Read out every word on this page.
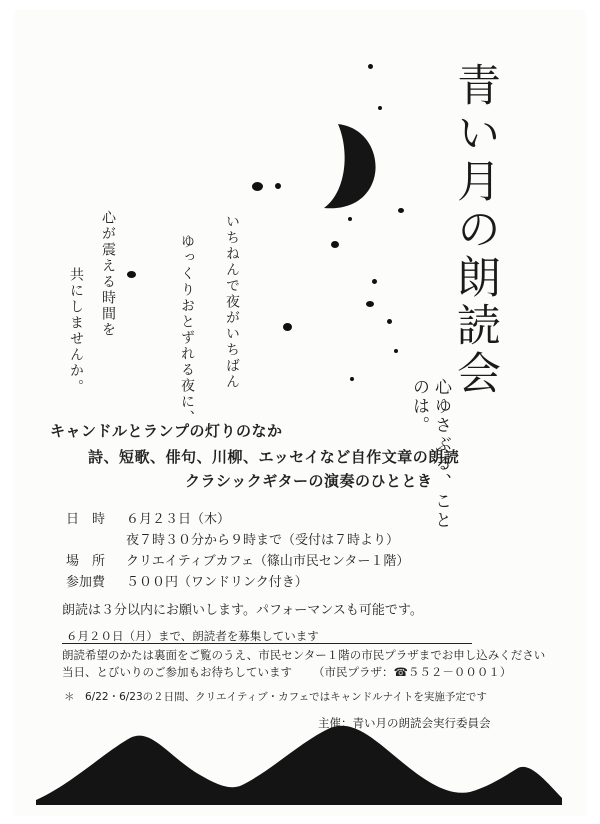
青い月の朗読会
心ゆさぶる、ことのは。
いちねんで夜がいちばん
ゆっくりおとずれる夜に、
心が震える時間を
共にしませんか。
キャンドルとランプの灯りのなか
詩、短歌、俳句、川柳、エッセイなど自作文章の朗読
クラシックギターの演奏のひととき
日　時 ６月２３日（木）
夜７時３０分から９時まで（受付は７時より）
場　所 クリエイティブカフェ（篠山市民センター１階）
参加費 ５００円（ワンドリンク付き）
朗読は３分以内にお願いします。パフォーマンスも可能です。
６月２０日（月）まで、朗読者を募集しています
朗読希望のかたは裏面をご覧のうえ、市民センター１階の市民プラザまでお申し込みください
当日、とびいりのご参加もお待ちしています （市民プラザ：☎５５２－０００１）
＊　6/22・6/23の２日間、クリエイティブ・カフェではキャンドルナイトを実施予定です
主催：青い月の朗読会実行委員会
